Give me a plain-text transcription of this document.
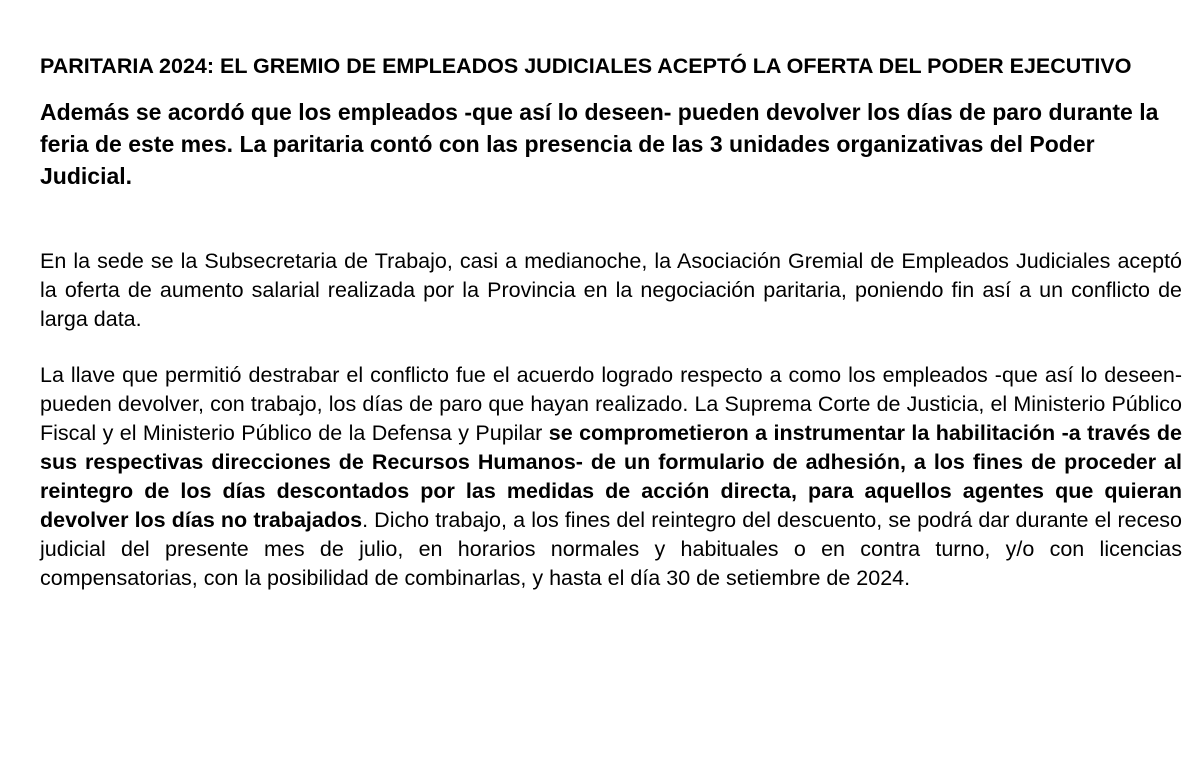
PARITARIA 2024: EL GREMIO DE EMPLEADOS JUDICIALES ACEPTÓ LA OFERTA DEL PODER EJECUTIVO
Además se acordó que los empleados -que así lo deseen- pueden devolver los días de paro durante la feria de este mes. La paritaria contó con las presencia de las 3 unidades organizativas del Poder Judicial.
En la sede se la Subsecretaria de Trabajo, casi a medianoche, la Asociación Gremial de Empleados Judiciales aceptó la oferta de aumento salarial realizada por la Provincia en la negociación paritaria, poniendo fin así a un conflicto de larga data.
La llave que permitió destrabar el conflicto fue el acuerdo logrado respecto a como los empleados -que así lo deseen- pueden devolver, con trabajo, los días de paro que hayan realizado. La Suprema Corte de Justicia, el Ministerio Público Fiscal y el Ministerio Público de la Defensa y Pupilar se comprometieron a instrumentar la habilitación -a través de sus respectivas direcciones de Recursos Humanos- de un formulario de adhesión, a los fines de proceder al reintegro de los días descontados por las medidas de acción directa, para aquellos agentes que quieran devolver los días no trabajados. Dicho trabajo, a los fines del reintegro del descuento, se podrá dar durante el receso judicial del presente mes de julio, en horarios normales y habituales o en contra turno, y/o con licencias compensatorias, con la posibilidad de combinarlas, y hasta el día 30 de setiembre de 2024.
